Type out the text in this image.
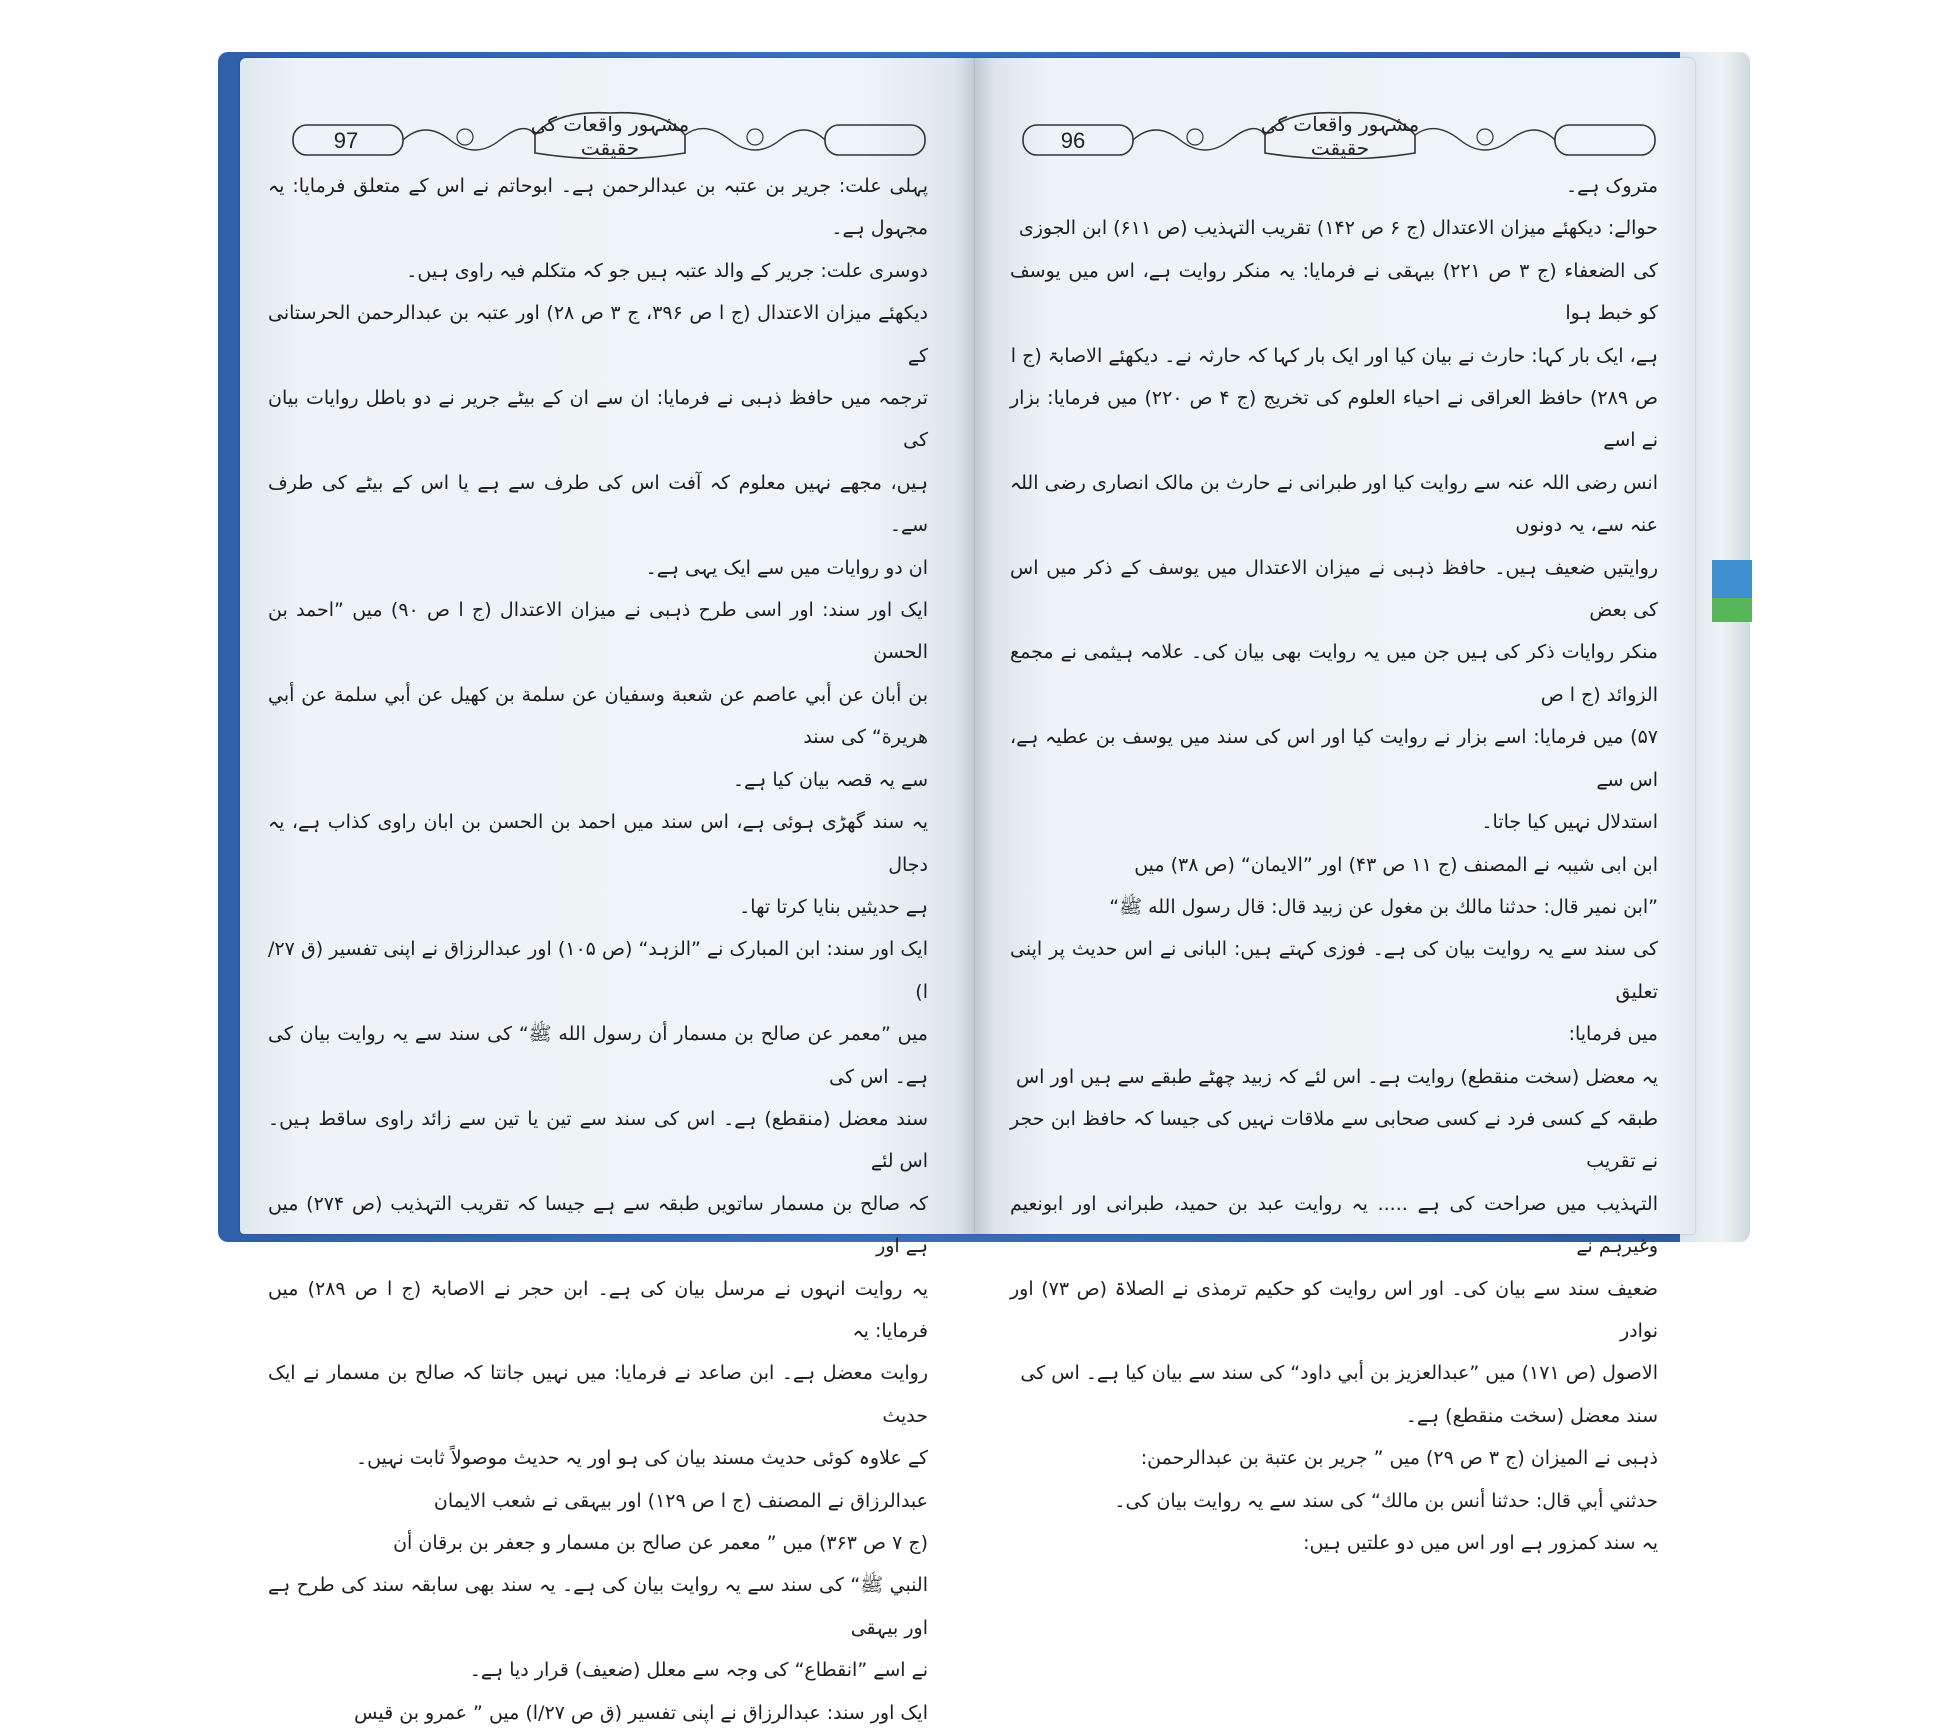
97
مشہور واقعات کی حقیقت	96
مشہور واقعات کی حقیقت

پہلی علت: جریر بن عتبہ بن عبدالرحمن ہے۔ ابوحاتم نے اس کے متعلق فرمایا: یہ مجہول ہے۔

دوسری علت: جریر کے والد عتبہ ہیں جو کہ متکلم فیہ راوی ہیں۔

دیکھئے میزان الاعتدال (ج ا ص ۳۹۶، ج ۳ ص ۲۸) اور عتبہ بن عبدالرحمن الحرستانی کے

ترجمہ میں حافظ ذہبی نے فرمایا: ان سے ان کے بیٹے جریر نے دو باطل روایات بیان کی

ہیں، مجھے نہیں معلوم کہ آفت اس کی طرف سے ہے یا اس کے بیٹے کی طرف سے۔

ان دو روایات میں سے ایک یہی ہے۔

ایک اور سند: اور اسی طرح ذہبی نے میزان الاعتدال (ج ا ص ۹۰) میں ”احمد بن الحسن

بن أبان عن أبي عاصم عن شعبة وسفيان عن سلمة بن كهيل عن أبي سلمة عن أبي هريرة“ کی سند

سے یہ قصہ بیان کیا ہے۔

یہ سند گھڑی ہوئی ہے، اس سند میں احمد بن الحسن بن ابان راوی کذاب ہے، یہ دجال

ہے حدیثیں بنایا کرتا تھا۔

ایک اور سند: ابن المبارک نے ”الزہد“ (ص ۱۰۵) اور عبدالرزاق نے اپنی تفسیر (ق ۲۷/ا)

میں ”معمر عن صالح بن مسمار أن رسول الله ﷺ“ کی سند سے یہ روایت بیان کی ہے۔ اس کی

سند معضل (منقطع) ہے۔ اس کی سند سے تین یا تین سے زائد راوی ساقط ہیں۔ اس لئے

کہ صالح بن مسمار ساتویں طبقہ سے ہے جیسا کہ تقریب التہذیب (ص ۲۷۴) میں ہے اور

یہ روایت انہوں نے مرسل بیان کی ہے۔ ابن حجر نے الاصابۃ (ج ا ص ۲۸۹) میں فرمایا: یہ

روایت معضل ہے۔ ابن صاعد نے فرمایا: میں نہیں جانتا کہ صالح بن مسمار نے ایک حدیث

کے علاوہ کوئی حدیث مسند بیان کی ہو اور یہ حدیث موصولاً ثابت نہیں۔

عبدالرزاق نے المصنف (ج ا ص ۱۲۹) اور بیہقی نے شعب الایمان

(ج ۷ ص ۳۶۳) میں ” معمر عن صالح بن مسمار و جعفر بن برقان أن

النبي ﷺ“ کی سند سے یہ روایت بیان کی ہے۔ یہ سند بھی سابقہ سند کی طرح ہے اور بیہقی

نے اسے ”انقطاع“ کی وجہ سے معلل (ضعیف) قرار دیا ہے۔

ایک اور سند: عبدالرزاق نے اپنی تفسیر (ق ص ۲۷/ا) میں ” عمرو بن قيس

متروک ہے۔

حوالے: دیکھئے میزان الاعتدال (ج ۶ ص ۱۴۲) تقریب التہذیب (ص ۶۱۱) ابن الجوزی

کی الضعفاء (ج ۳ ص ۲۲۱) بیہقی نے فرمایا: یہ منکر روایت ہے، اس میں یوسف کو خبط ہوا

ہے، ایک بار کہا: حارث نے بیان کیا اور ایک بار کہا کہ حارثہ نے۔ دیکھئے الاصابۃ (ج ا

ص ۲۸۹) حافظ العراقی نے احیاء العلوم کی تخریج (ج ۴ ص ۲۲۰) میں فرمایا: بزار نے اسے

انس رضی اللہ عنہ سے روایت کیا اور طبرانی نے حارث بن مالک انصاری رضی اللہ عنہ سے، یہ دونوں

روایتیں ضعیف ہیں۔ حافظ ذہبی نے میزان الاعتدال میں یوسف کے ذکر میں اس کی بعض

منکر روایات ذکر کی ہیں جن میں یہ روایت بھی بیان کی۔ علامہ ہیثمی نے مجمع الزوائد (ج ا ص

۵۷) میں فرمایا: اسے بزار نے روایت کیا اور اس کی سند میں یوسف بن عطیہ ہے، اس سے

استدلال نہیں کیا جاتا۔

ابن ابی شیبہ نے المصنف (ج ۱۱ ص ۴۳) اور ”الایمان“ (ص ۳۸) میں

”ابن نمير قال: حدثنا مالك بن مغول عن زبيد قال: قال رسول الله ﷺ“

کی سند سے یہ روایت بیان کی ہے۔ فوزی کہتے ہیں: البانی نے اس حدیث پر اپنی تعلیق

میں فرمایا:

یہ معضل (سخت منقطع) روایت ہے۔ اس لئے کہ زبید چھٹے طبقے سے ہیں اور اس

طبقہ کے کسی فرد نے کسی صحابی سے ملاقات نہیں کی جیسا کہ حافظ ابن حجر نے تقریب

التہذیب میں صراحت کی ہے ..... یہ روایت عبد بن حمید، طبرانی اور ابونعیم وغیرہم نے

ضعیف سند سے بیان کی۔ اور اس روایت کو حکیم ترمذی نے الصلاۃ (ص ۷۳) اور نوادر

الاصول (ص ۱۷۱) میں ”عبدالعزيز بن أبي داود“ کی سند سے بیان کیا ہے۔ اس کی

سند معضل (سخت منقطع) ہے۔

ذہبی نے المیزان (ج ۳ ص ۲۹) میں ” جرير بن عتبة بن عبدالرحمن:

حدثني أبي قال: حدثنا أنس بن مالك“ کی سند سے یہ روایت بیان کی۔

یہ سند کمزور ہے اور اس میں دو علتیں ہیں:
